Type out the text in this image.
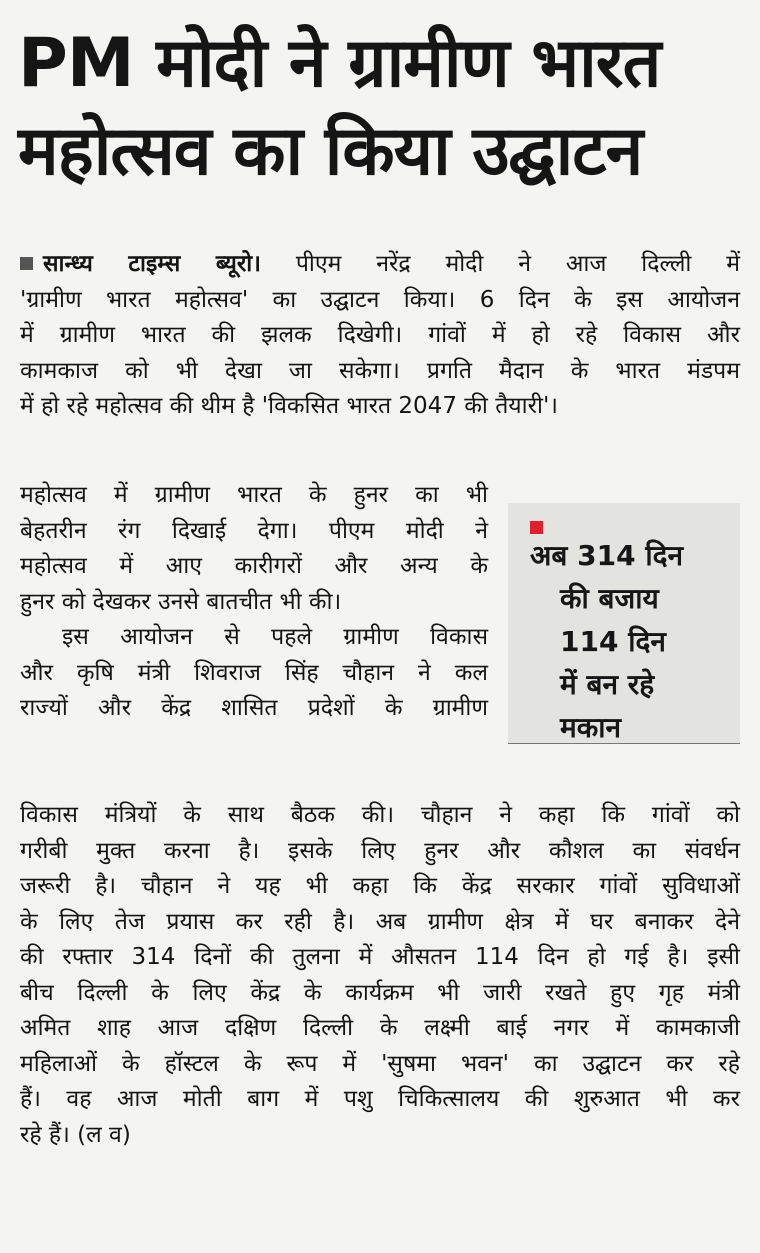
PM मोदी ने ग्रामीण भारत
महोत्सव का किया उद्घाटन
सान्ध्य टाइम्स ब्यूरो। पीएम नरेंद्र मोदी ने आज दिल्ली में
'ग्रामीण भारत महोत्सव' का उद्घाटन किया। 6 दिन के इस आयोजन
में ग्रामीण भारत की झलक दिखेगी। गांवों में हो रहे विकास और
कामकाज को भी देखा जा सकेगा। प्रगति मैदान के भारत मंडपम
में हो रहे महोत्सव की थीम है 'विकसित भारत 2047 की तैयारी'।
महोत्सव में ग्रामीण भारत के हुनर का भी
बेहतरीन रंग दिखाई देगा। पीएम मोदी ने
महोत्सव में आए कारीगरों और अन्य के
हुनर को देखकर उनसे बातचीत भी की।
इस आयोजन से पहले ग्रामीण विकास
और कृषि मंत्री शिवराज सिंह चौहान ने कल
राज्यों और केंद्र शासित प्रदेशों के ग्रामीण
अब 314 दिन
की बजाय
114 दिन
में बन रहे
मकान
विकास मंत्रियों के साथ बैठक की। चौहान ने कहा कि गांवों को
गरीबी मुक्त करना है। इसके लिए हुनर और कौशल का संवर्धन
जरूरी है। चौहान ने यह भी कहा कि केंद्र सरकार गांवों सुविधाओं
के लिए तेज प्रयास कर रही है। अब ग्रामीण क्षेत्र में घर बनाकर देने
की रफ्तार 314 दिनों की तुलना में औसतन 114 दिन हो गई है। इसी
बीच दिल्ली के लिए केंद्र के कार्यक्रम भी जारी रखते हुए गृह मंत्री
अमित शाह आज दक्षिण दिल्ली के लक्ष्मी बाई नगर में कामकाजी
महिलाओं के हॉस्टल के रूप में 'सुषमा भवन' का उद्घाटन कर रहे
हैं। वह आज मोती बाग में पशु चिकित्सालय की शुरुआत भी कर
रहे हैं। (ल व)
